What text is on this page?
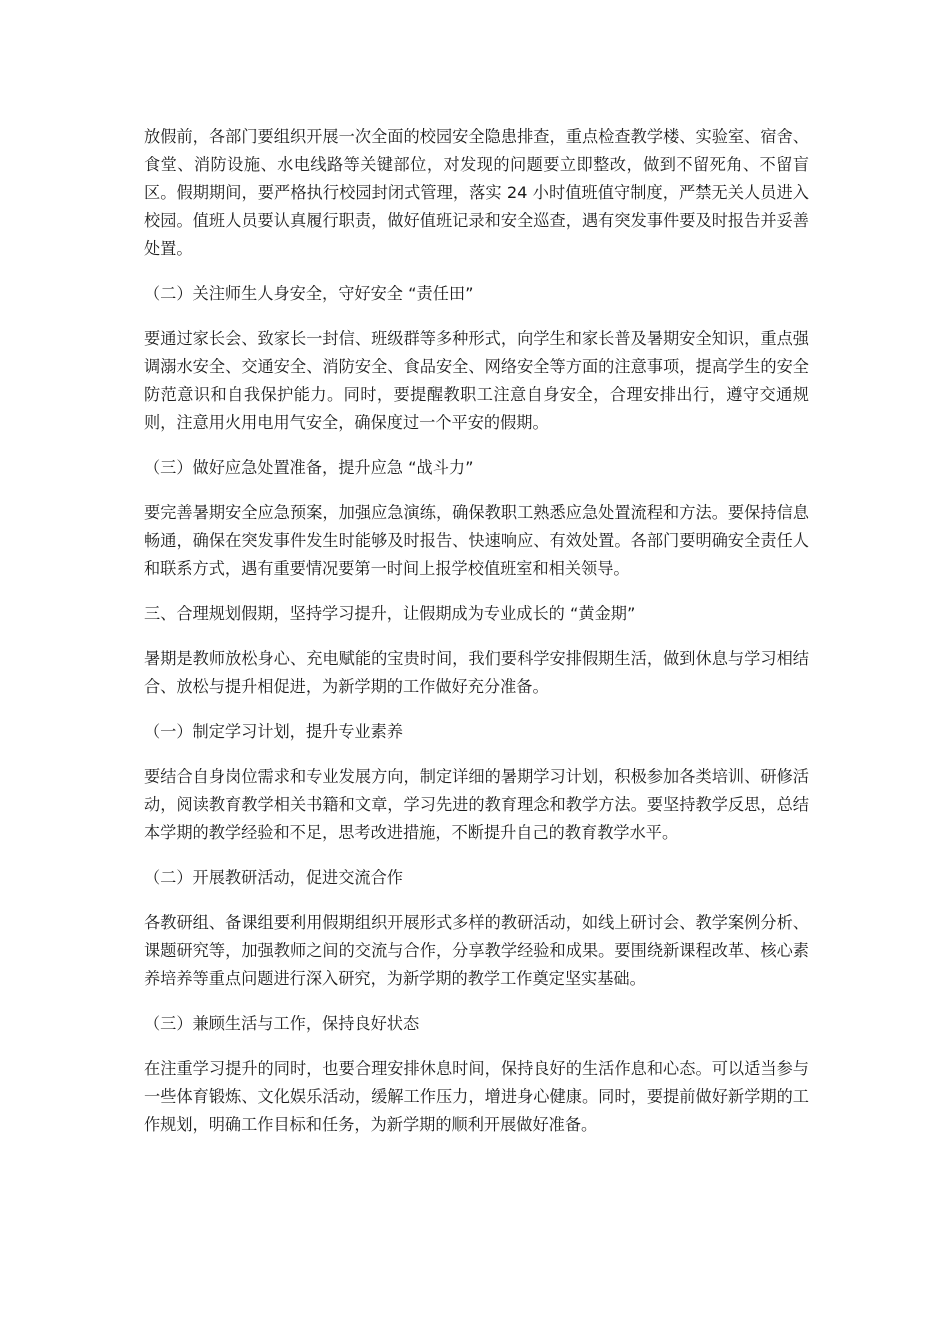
放假前，各部门要组织开展一次全面的校园安全隐患排查，重点检查教学楼、实验室、宿舍、食堂、消防设施、水电线路等关键部位，对发现的问题要立即整改，做到不留死角、不留盲区。假期期间，要严格执行校园封闭式管理，落实 24 小时值班值守制度，严禁无关人员进入校园。值班人员要认真履行职责，做好值班记录和安全巡查，遇有突发事件要及时报告并妥善处置。

（二）关注师生人身安全，守好安全 “责任田”

要通过家长会、致家长一封信、班级群等多种形式，向学生和家长普及暑期安全知识，重点强调溺水安全、交通安全、消防安全、食品安全、网络安全等方面的注意事项，提高学生的安全防范意识和自我保护能力。同时，要提醒教职工注意自身安全，合理安排出行，遵守交通规则，注意用火用电用气安全，确保度过一个平安的假期。

（三）做好应急处置准备，提升应急 “战斗力”

要完善暑期安全应急预案，加强应急演练，确保教职工熟悉应急处置流程和方法。要保持信息畅通，确保在突发事件发生时能够及时报告、快速响应、有效处置。各部门要明确安全责任人和联系方式，遇有重要情况要第一时间上报学校值班室和相关领导。

三、合理规划假期，坚持学习提升，让假期成为专业成长的 “黄金期”

暑期是教师放松身心、充电赋能的宝贵时间，我们要科学安排假期生活，做到休息与学习相结合、放松与提升相促进，为新学期的工作做好充分准备。

（一）制定学习计划，提升专业素养

要结合自身岗位需求和专业发展方向，制定详细的暑期学习计划，积极参加各类培训、研修活动，阅读教育教学相关书籍和文章，学习先进的教育理念和教学方法。要坚持教学反思，总结本学期的教学经验和不足，思考改进措施，不断提升自己的教育教学水平。

（二）开展教研活动，促进交流合作

各教研组、备课组要利用假期组织开展形式多样的教研活动，如线上研讨会、教学案例分析、课题研究等，加强教师之间的交流与合作，分享教学经验和成果。要围绕新课程改革、核心素养培养等重点问题进行深入研究，为新学期的教学工作奠定坚实基础。

（三）兼顾生活与工作，保持良好状态

在注重学习提升的同时，也要合理安排休息时间，保持良好的生活作息和心态。可以适当参与一些体育锻炼、文化娱乐活动，缓解工作压力，增进身心健康。同时，要提前做好新学期的工作规划，明确工作目标和任务，为新学期的顺利开展做好准备。
